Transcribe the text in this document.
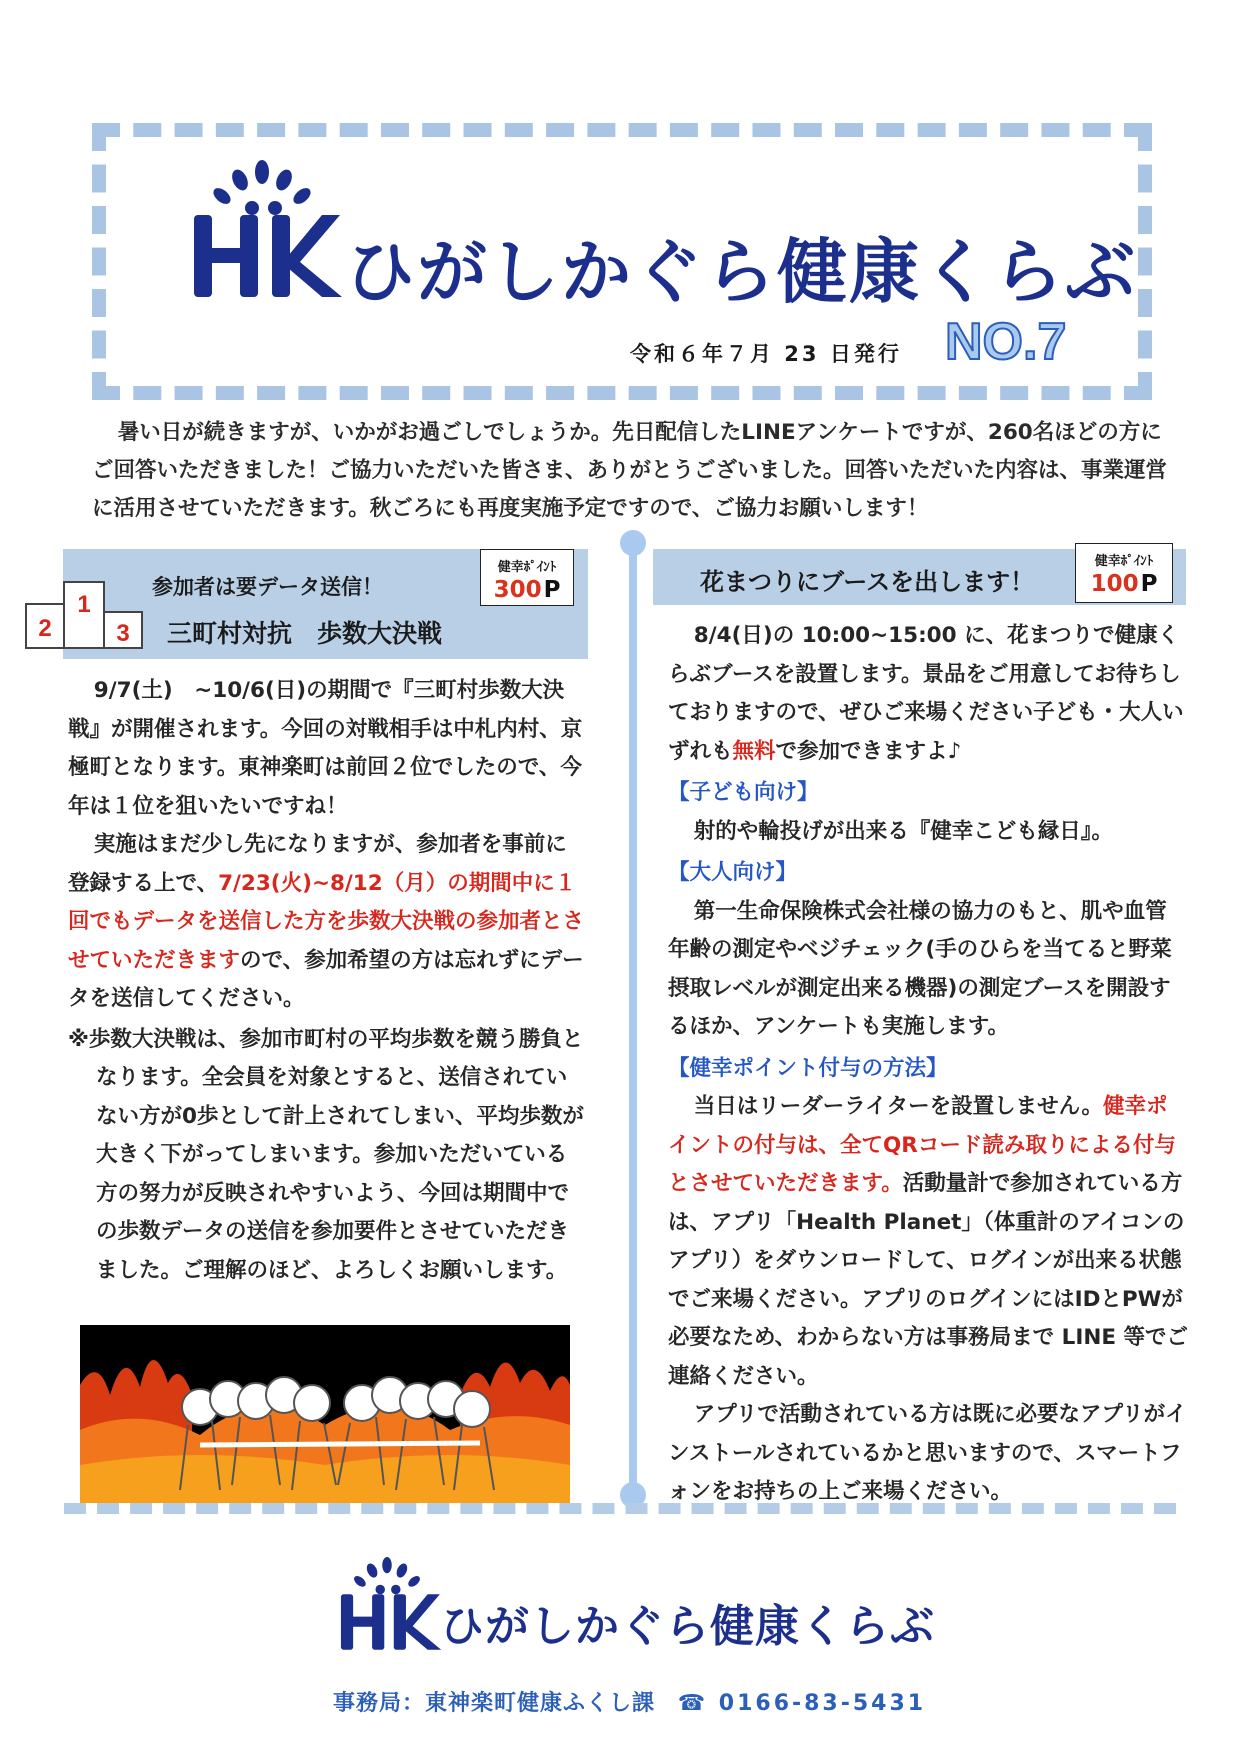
ひがしかぐら健康くらぶ
令和６年７月 23 日発行 NO.7

暑い日が続きますが、いかがお過ごしでしょうか。先日配信したLINEアンケートですが、260名ほどの方にご回答いただきました！ご協力いただいた皆さま、ありがとうございました。回答いただいた内容は、事業運営に活用させていただきます。秋ごろにも再度実施予定ですので、ご協力お願いします！

2
1
3
参加者は要データ送信！
三町村対抗　歩数大決戦
健幸ﾎﾟｲﾝﾄ
300P

9/7(土)　~10/6(日)の期間で『三町村歩数大決戦』が開催されます。今回の対戦相手は中札内村、京極町となります。東神楽町は前回２位でしたので、今年は１位を狙いたいですね！

実施はまだ少し先になりますが、参加者を事前に登録する上で、7/23(火)~8/12（月）の期間中に１回でもデータを送信した方を歩数大決戦の参加者とさせていただきますので、参加希望の方は忘れずにデータを送信してください。

※歩数大決戦は、参加市町村の平均歩数を競う勝負となります。全会員を対象とすると、送信されていない方が0歩として計上されてしまい、平均歩数が大きく下がってしまいます。参加いただいている方の努力が反映されやすいよう、今回は期間中での歩数データの送信を参加要件とさせていただきました。ご理解のほど、よろしくお願いします。

花まつりにブースを出します！
健幸ﾎﾟｲﾝﾄ
100P

8/4(日)の 10:00~15:00 に、花まつりで健康くらぶブースを設置します。景品をご用意してお待ちしておりますので、ぜひご来場ください子ども・大人いずれも無料で参加できますよ♪

【子ども向け】

射的や輪投げが出来る『健幸こども縁日』。

【大人向け】

第一生命保険株式会社様の協力のもと、肌や血管年齢の測定やベジチェック(手のひらを当てると野菜摂取レベルが測定出来る機器)の測定ブースを開設するほか、アンケートも実施します。

【健幸ポイント付与の方法】

当日はリーダーライターを設置しません。健幸ポイントの付与は、全てQRコード読み取りによる付与とさせていただきます。活動量計で参加されている方は、アプリ「Health Planet」（体重計のアイコンのアプリ）をダウンロードして、ログインが出来る状態でご来場ください。アプリのログインにはIDとPWが必要なため、わからない方は事務局まで LINE 等でご連絡ください。

アプリで活動されている方は既に必要なアプリがインストールされているかと思いますので、スマートフォンをお持ちの上ご来場ください。

ひがしかぐら健康くらぶ
事務局：東神楽町健康ふくし課 ☎ 0166-83-5431
